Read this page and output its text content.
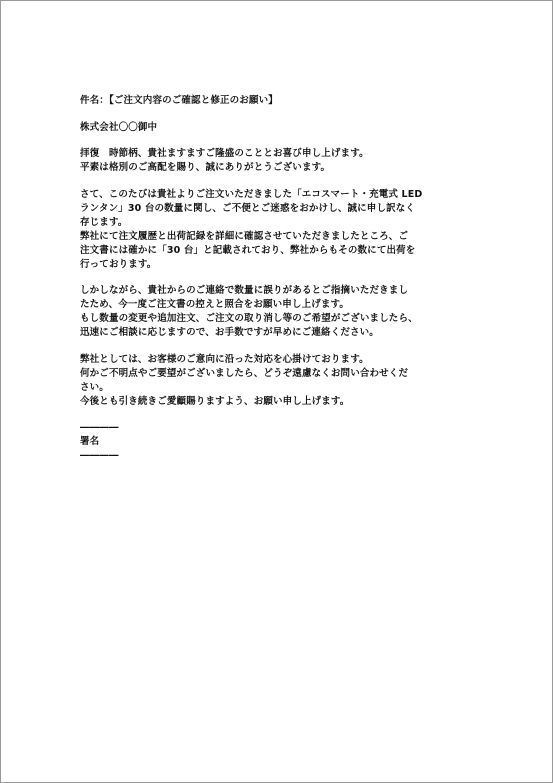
件名：【ご注文内容のご確認と修正のお願い】
株式会社〇〇御中
拝復　時節柄、貴社ますますご隆盛のこととお喜び申し上げます。
平素は格別のご高配を賜り、誠にありがとうございます。
さて、このたびは貴社よりご注文いただきました「エコスマート・充電式 LED
ランタン」30 台の数量に関し、ご不便とご迷惑をおかけし、誠に申し訳なく
存じます。
弊社にて注文履歴と出荷記録を詳細に確認させていただきましたところ、ご
注文書には確かに「30 台」と記載されており、弊社からもその数にて出荷を
行っております。
しかしながら、貴社からのご連絡で数量に誤りがあるとご指摘いただきまし
たため、今一度ご注文書の控えと照合をお願い申し上げます。
もし数量の変更や追加注文、ご注文の取り消し等のご希望がございましたら、
迅速にご相談に応じますので、お手数ですが早めにご連絡ください。
弊社としては、お客様のご意向に沿った対応を心掛けております。
何かご不明点やご要望がございましたら、どうぞ遠慮なくお問い合わせくだ
さい。
今後とも引き続きご愛顧賜りますよう、お願い申し上げます。
――――
署名
――――
